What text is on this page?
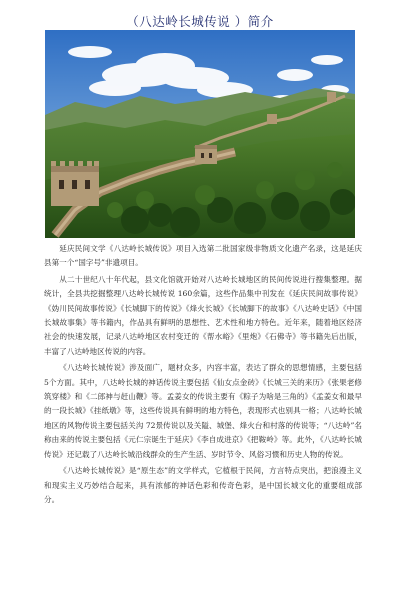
（八达岭长城传说 ）简介

延庆民间文学《八达岭长城传说》项目入选第二批国家级非物质文化遗产名录，这是延庆县第一个“国字号”非遗项目。

从二十世纪八十年代起，县文化馆就开始对八达岭长城地区的民间传说进行搜集整理。据统计，全县共挖掘整理八达岭长城传说 160余篇，这些作品集中刊发在《延庆民间故事传说》《妫川民间故事传说》《长城脚下的传说》《烽火长城》《长城脚下的故事》《八达岭史话》《中国长城故事集》等书籍内，作品具有鲜明的思想性、艺术性和地方特色。近年来，随着地区经济社会的快速发展，记录八达岭地区农村变迁的《帮水峪》《里炮》《石佛寺》等书籍先后出版，丰富了八达岭地区传说的内容。

《八达岭长城传说》涉及面广，题材众多，内容丰富，表达了群众的思想情感，主要包括 5个方面。其中，八达岭长城的神话传说主要包括《仙女点金砖》《长城三关的来历》《张果老修筑穿楼》和《二郎神与赶山鞭》等。孟姜女的传说主要有《粽子为啥是三角的》《孟姜女和最早的一段长城》《挂纸墩》等，这些传说具有鲜明的地方特色，表现形式也别具一格；八达岭长城地区的风物传说主要包括关沟 72景传说以及关隘、城堡、烽火台和村落的传说等；“八达岭”名称由来的传说主要包括《元仁宗诞生于延庆》《李自成进京》《把鞍岭》等。此外，《八达岭长城传说》还记载了八达岭长城沿线群众的生产生活、岁时节令、风俗习惯和历史人物的传说。

《八达岭长城传说》是“原生态”的文学样式，它植根于民间，方言特点突出，把浪漫主义和现实主义巧妙结合起来，具有浓郁的神话色彩和传奇色彩，是中国长城文化的重要组成部分。
